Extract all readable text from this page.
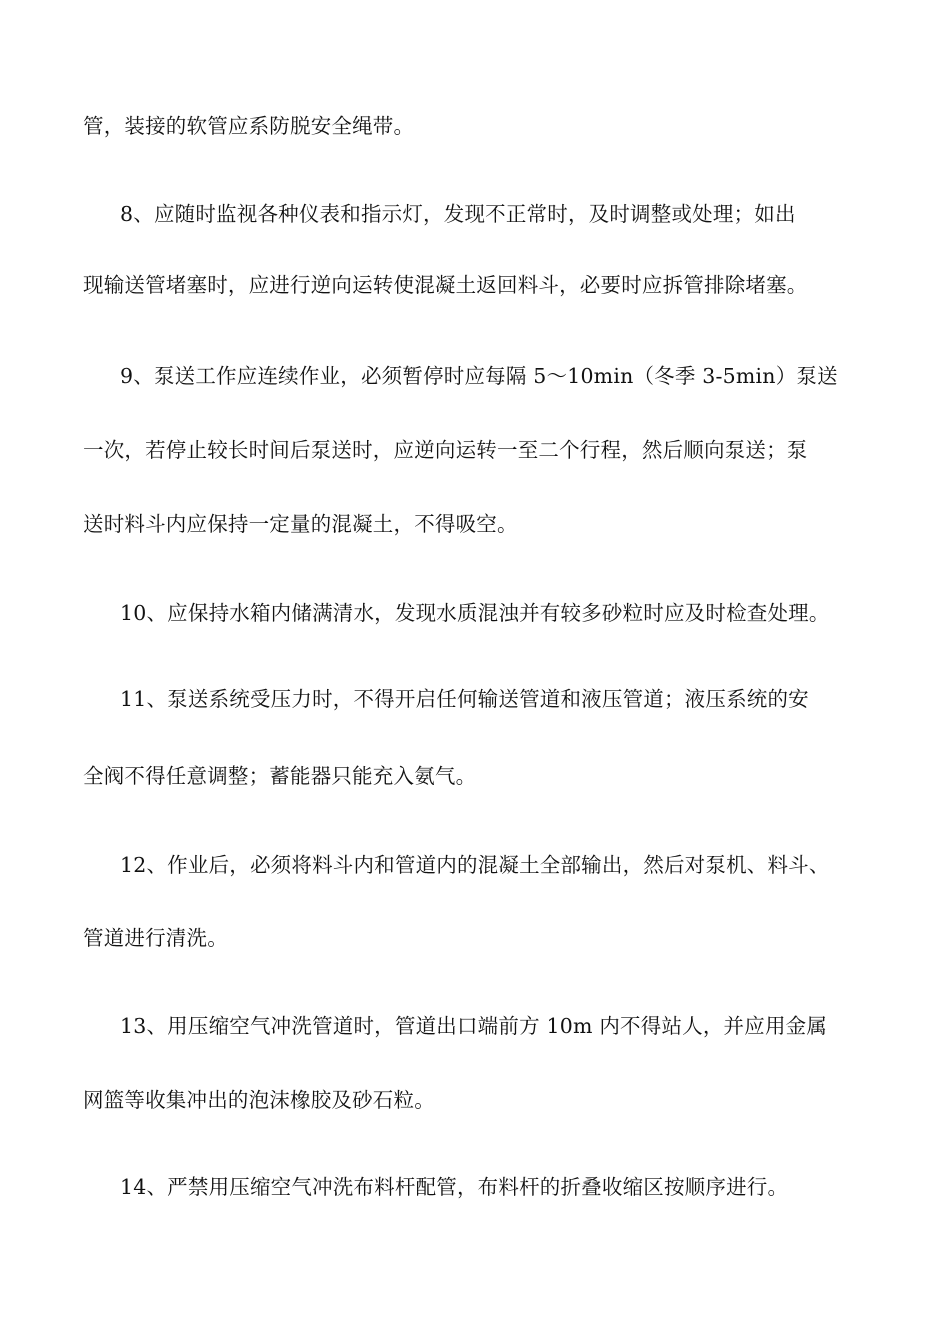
管，装接的软管应系防脱安全绳带。
8、应随时监视各种仪表和指示灯，发现不正常时，及时调整或处理；如出
现输送管堵塞时，应进行逆向运转使混凝土返回料斗，必要时应拆管排除堵塞。
9、泵送工作应连续作业，必须暂停时应每隔 5～10min（冬季 3-5min）泵送
一次，若停止较长时间后泵送时，应逆向运转一至二个行程，然后顺向泵送；泵
送时料斗内应保持一定量的混凝土，不得吸空。
10、应保持水箱内储满清水，发现水质混浊并有较多砂粒时应及时检查处理。
11、泵送系统受压力时，不得开启任何输送管道和液压管道；液压系统的安
全阀不得任意调整；蓄能器只能充入氨气。
12、作业后，必须将料斗内和管道内的混凝土全部输出，然后对泵机、料斗、
管道进行清洗。
13、用压缩空气冲洗管道时，管道出口端前方 10m 内不得站人，并应用金属
网篮等收集冲出的泡沫橡胶及砂石粒。
14、严禁用压缩空气冲洗布料杆配管，布料杆的折叠收缩区按顺序进行。
